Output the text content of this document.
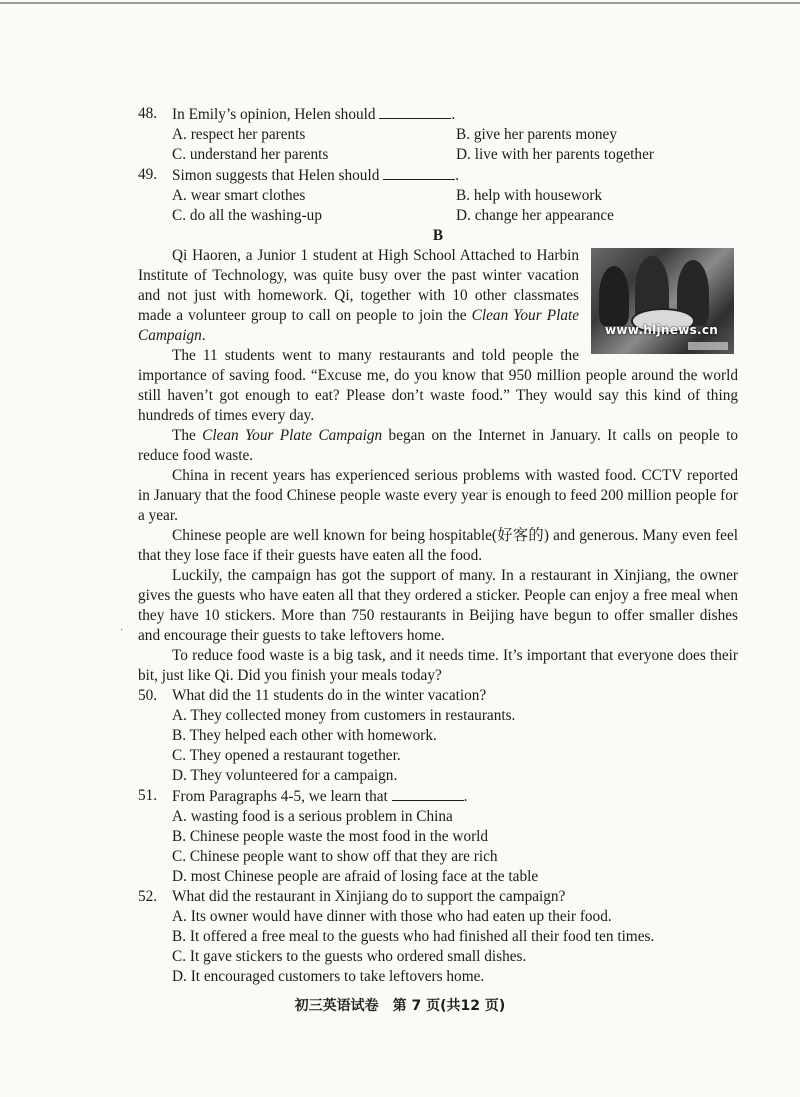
48. In Emily’s opinion, Helen should	.
A. respect her parents	B. give her parents money
C. understand her parents	D. live with her parents together
49. Simon suggests that Helen should	.
A. wear smart clothes	B. help with housework
C. do all the washing-up	D. change her appearance
B
www.hljnews.cn

Qi Haoren, a Junior 1 student at High School Attached to Harbin Institute of Technology, was quite busy over the past winter vacation and not just with homework. Qi, together with 10 other classmates made a volunteer group to call on people to join the Clean Your Plate Campaign.

The 11 students went to many restaurants and told people the importance of saving food. “Excuse me, do you know that 950 million people around the world still haven’t got enough to eat? Please don’t waste food.” They would say this kind of thing hundreds of times every day.

The Clean Your Plate Campaign began on the Internet in January. It calls on people to reduce food waste.

China in recent years has experienced serious problems with wasted food. CCTV reported in January that the food Chinese people waste every year is enough to feed 200 million people for a year.

Chinese people are well known for being hospitable(好客的) and generous. Many even feel that they lose face if their guests have eaten all the food.

Luckily, the campaign has got the support of many. In a restaurant in Xinjiang, the owner gives the guests who have eaten all that they ordered a sticker. People can enjoy a free meal when they have 10 stickers. More than 750 restaurants in Beijing have begun to offer smaller dishes and encourage their guests to take leftovers home.

To reduce food waste is a big task, and it needs time. It’s important that everyone does their bit, just like Qi. Did you finish your meals today?

50. What did the 11 students do in the winter vacation?
A. They collected money from customers in restaurants.
B. They helped each other with homework.
C. They opened a restaurant together.
D. They volunteered for a campaign.
51. From Paragraphs 4-5, we learn that	.
A. wasting food is a serious problem in China
B. Chinese people waste the most food in the world
C. Chinese people want to show off that they are rich
D. most Chinese people are afraid of losing face at the table
52. What did the restaurant in Xinjiang do to support the campaign?
A. Its owner would have dinner with those who had eaten up their food.
B. It offered a free meal to the guests who had finished all their food ten times.
C. It gave stickers to the guests who ordered small dishes.
D. It encouraged customers to take leftovers home.
·
初三英语试卷　第 7 页(共12 页)
